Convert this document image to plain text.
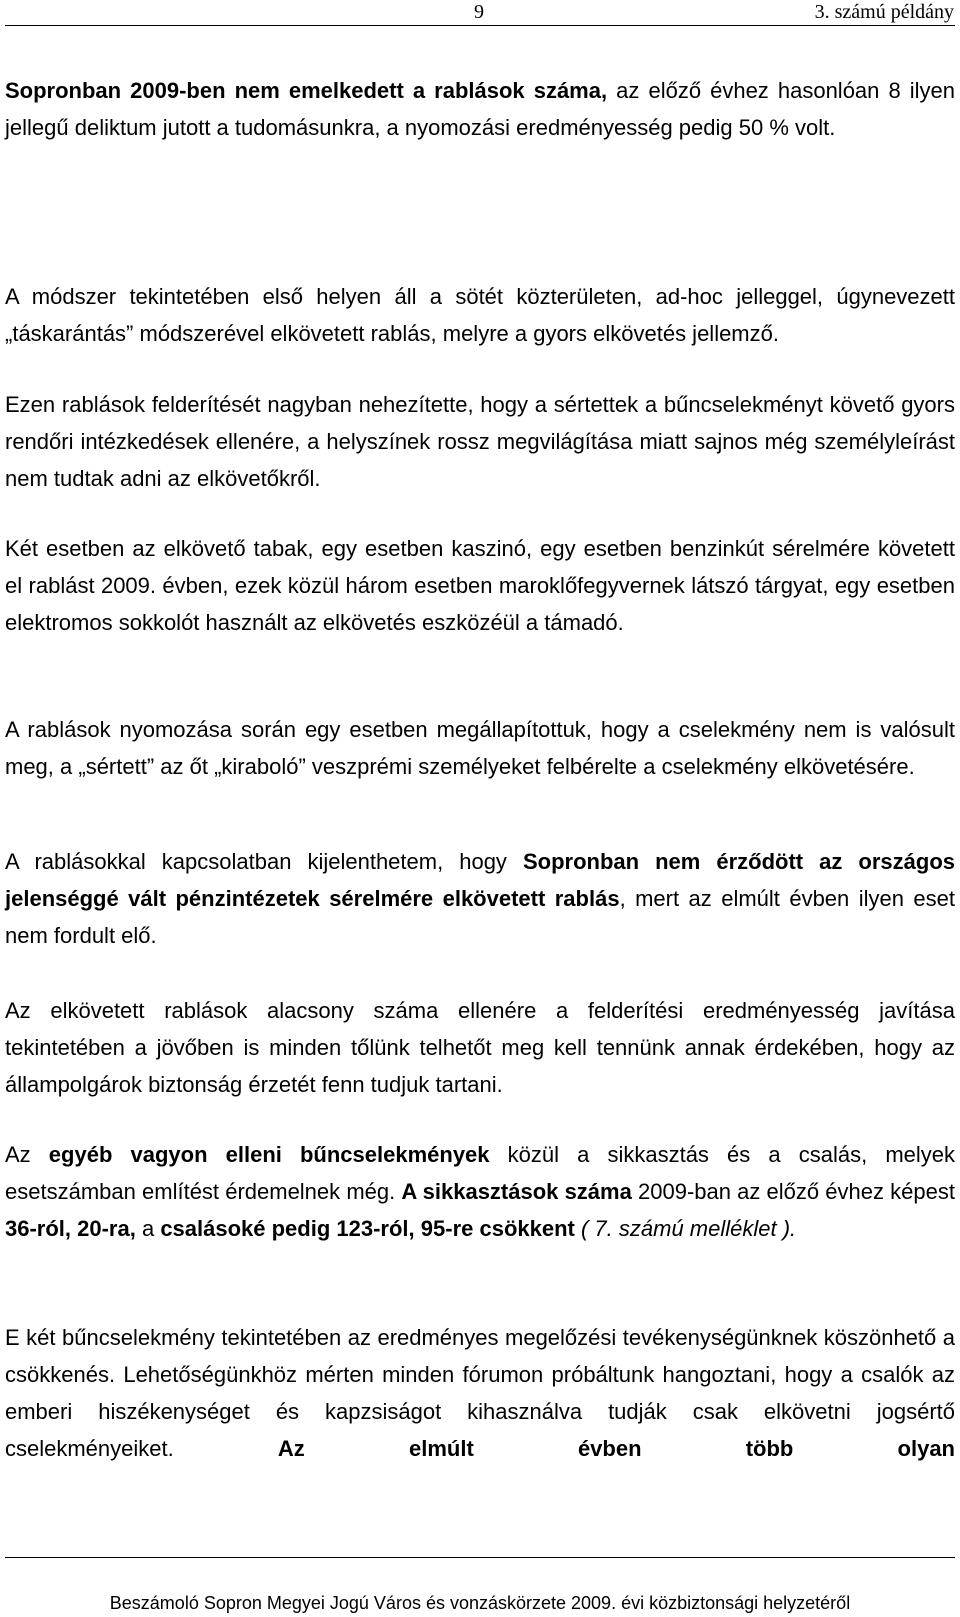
9	3. számú példány

Sopronban 2009-ben nem emelkedett a rablások száma, az előző évhez hasonlóan 8 ilyen jellegű deliktum jutott a tudomásunkra, a nyomozási eredményesség pedig 50 % volt.

A módszer tekintetében első helyen áll a sötét közterületen, ad-hoc jelleggel, úgynevezett „táskarántás” módszerével elkövetett rablás, melyre a gyors elkövetés jellemző.

Ezen rablások felderítését nagyban nehezítette, hogy a sértettek a bűncselekményt követő gyors rendőri intézkedések ellenére, a helyszínek rossz megvilágítása miatt sajnos még személyleírást nem tudtak adni az elkövetőkről.

Két esetben az elkövető tabak, egy esetben kaszinó, egy esetben benzinkút sérelmére követett el rablást 2009. évben, ezek közül három esetben maroklőfegyvernek látszó tárgyat, egy esetben elektromos sokkolót használt az elkövetés eszközéül a támadó.

A rablások nyomozása során egy esetben megállapítottuk, hogy a cselekmény nem is valósult meg, a „sértett” az őt „kiraboló” veszprémi személyeket felbérelte a cselekmény elkövetésére.

A rablásokkal kapcsolatban kijelenthetem, hogy Sopronban nem érződött az országos jelenséggé vált pénzintézetek sérelmére elkövetett rablás, mert az elmúlt évben ilyen eset nem fordult elő.

Az elkövetett rablások alacsony száma ellenére a felderítési eredményesség javítása tekintetében a jövőben is minden tőlünk telhetőt meg kell tennünk annak érdekében, hogy az állampolgárok biztonság érzetét fenn tudjuk tartani.

Az egyéb vagyon elleni bűncselekmények közül a sikkasztás és a csalás, melyek esetszámban említést érdemelnek még. A sikkasztások száma 2009-ban az előző évhez képest 36-ról, 20-ra, a csalásoké pedig 123-ról, 95-re csökkent ( 7. számú melléklet ).

E két bűncselekmény tekintetében az eredményes megelőzési tevékenységünknek köszönhető a csökkenés. Lehetőségünkhöz mérten minden fórumon próbáltunk hangoztani, hogy a csalók az emberi hiszékenységet és kapzsiságot kihasználva tudják csak elkövetni jogsértő cselekményeiket. Az elmúlt évben több olyan

Beszámoló Sopron Megyei Jogú Város és vonzáskörzete 2009. évi közbiztonsági helyzetéről
